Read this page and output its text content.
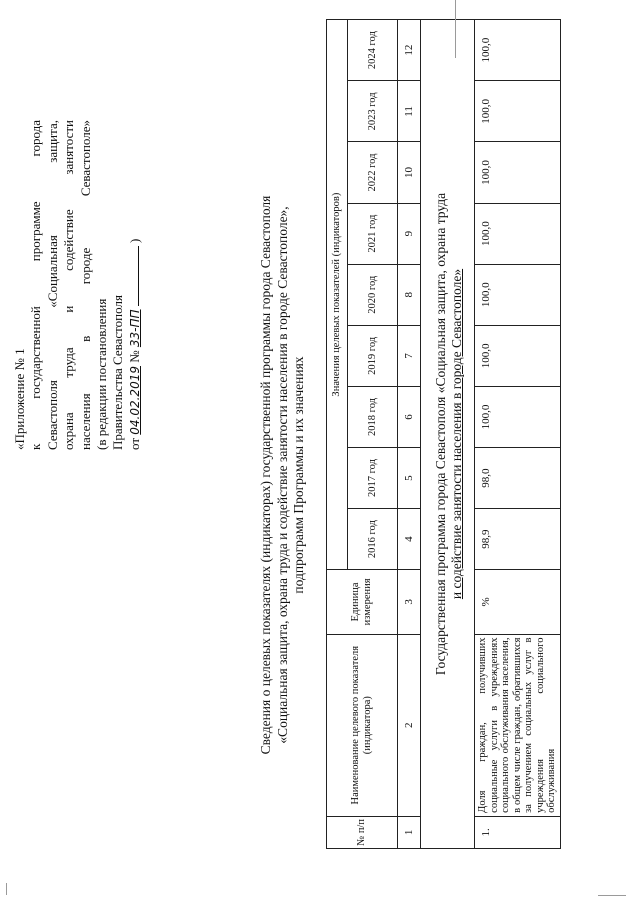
«Приложение № 1 к государственной программе города Севастополя «Социальная защита, охрана труда и содействие занятости населения в городе Севастополе» (в редакции постановления Правительства Севастополя от 04.02.2019 № 33-ПП  )	Сведения о целевых показателях (индикаторах) государственной программы города Севастополя «Социальная защита, охрана труда и содействие занятости населения в городе Севастополе», подпрограмм Программы и их значениях
№ п/п	Наименование целевого показателя (индикатора)	Единица измерения	Значения целевых показателей (индикаторов)								
			2016 год	2017 год	2018 год	2019 год	2020 год	2021 год	2022 год	2023 год	2024 год
1	2	3	4	5	6	7	8	9	10	11	12

Государственная программа города Севастополя «Социальная защита, охрана труда и содействие занятости населения в городе Севастополе»											

1.	Доля граждан, получивших социальные услуги в учреждениях социального обслуживания населения, в общем числе граждан, обратившихся за получением социальных услуг в учреждения социального обслуживания	%	98,9	98,0	100,0	100,0	100,0	100,0	100,0	100,0	100,0
